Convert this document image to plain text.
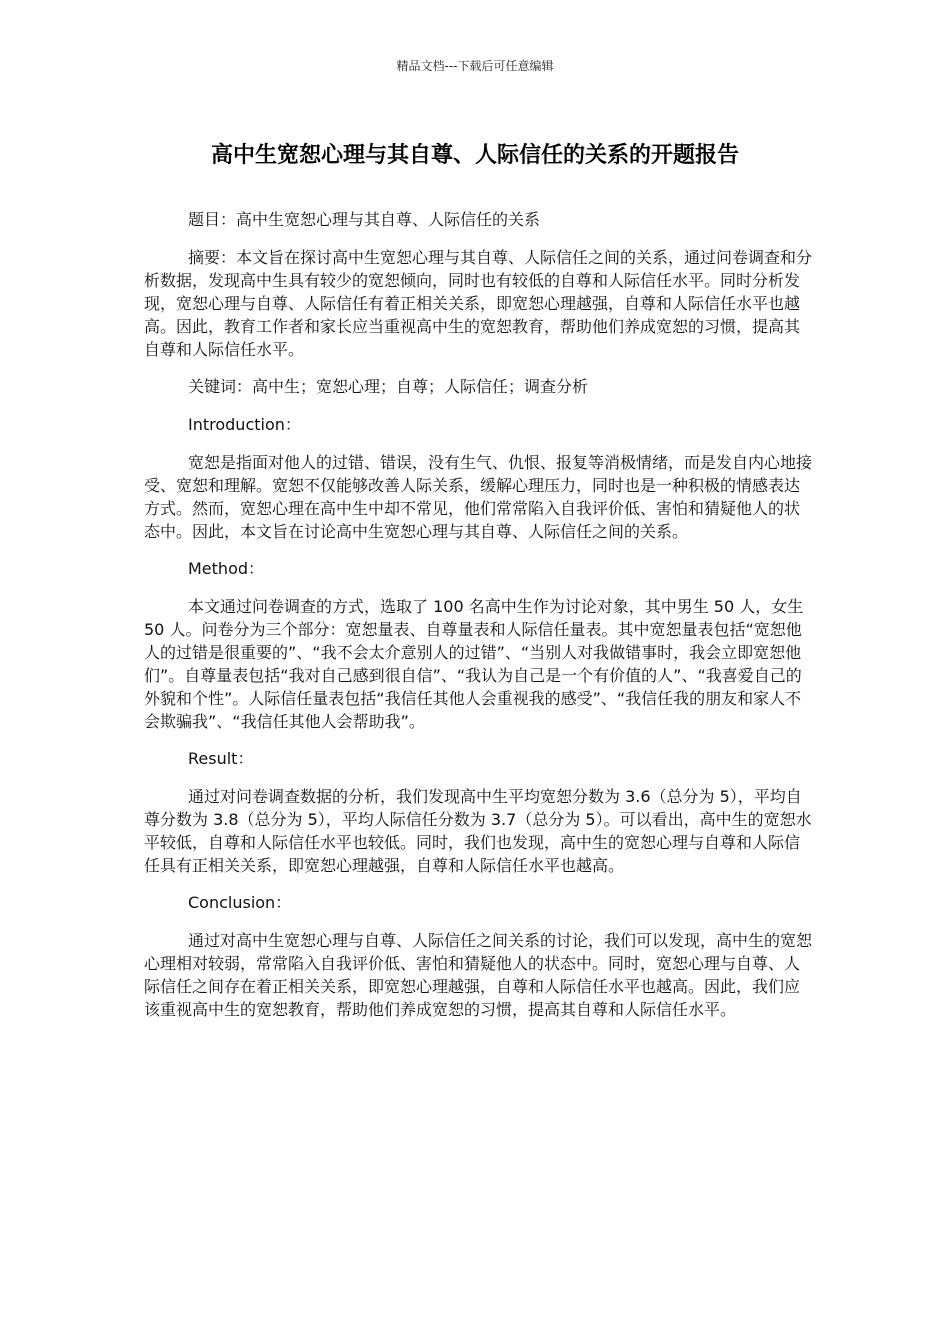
精品文档---下载后可任意编辑
高中生宽恕心理与其自尊、人际信任的关系的开题报告

题目：高中生宽恕心理与其自尊、人际信任的关系

摘要：本文旨在探讨高中生宽恕心理与其自尊、人际信任之间的关系，通过问卷调查和分析数据，发现高中生具有较少的宽恕倾向，同时也有较低的自尊和人际信任水平。同时分析发现，宽恕心理与自尊、人际信任有着正相关关系，即宽恕心理越强，自尊和人际信任水平也越高。因此，教育工作者和家长应当重视高中生的宽恕教育，帮助他们养成宽恕的习惯，提高其自尊和人际信任水平。

关键词：高中生；宽恕心理；自尊；人际信任；调查分析

Introduction：

宽恕是指面对他人的过错、错误，没有生气、仇恨、报复等消极情绪，而是发自内心地接受、宽恕和理解。宽恕不仅能够改善人际关系，缓解心理压力，同时也是一种积极的情感表达方式。然而，宽恕心理在高中生中却不常见，他们常常陷入自我评价低、害怕和猜疑他人的状态中。因此，本文旨在讨论高中生宽恕心理与其自尊、人际信任之间的关系。

Method：

本文通过问卷调查的方式，选取了 100 名高中生作为讨论对象，其中男生 50 人，女生 50 人。问卷分为三个部分：宽恕量表、自尊量表和人际信任量表。其中宽恕量表包括“宽恕他人的过错是很重要的”、“我不会太介意别人的过错”、“当别人对我做错事时，我会立即宽恕他们”。自尊量表包括“我对自己感到很自信”、“我认为自己是一个有价值的人”、“我喜爱自己的外貌和个性”。人际信任量表包括“我信任其他人会重视我的感受”、“我信任我的朋友和家人不会欺骗我”、“我信任其他人会帮助我”。

Result：

通过对问卷调查数据的分析，我们发现高中生平均宽恕分数为 3.6（总分为 5），平均自尊分数为 3.8（总分为 5），平均人际信任分数为 3.7（总分为 5）。可以看出，高中生的宽恕水平较低，自尊和人际信任水平也较低。同时，我们也发现，高中生的宽恕心理与自尊和人际信任具有正相关关系，即宽恕心理越强，自尊和人际信任水平也越高。

Conclusion：

通过对高中生宽恕心理与自尊、人际信任之间关系的讨论，我们可以发现，高中生的宽恕心理相对较弱，常常陷入自我评价低、害怕和猜疑他人的状态中。同时，宽恕心理与自尊、人际信任之间存在着正相关关系，即宽恕心理越强，自尊和人际信任水平也越高。因此，我们应该重视高中生的宽恕教育，帮助他们养成宽恕的习惯，提高其自尊和人际信任水平。
